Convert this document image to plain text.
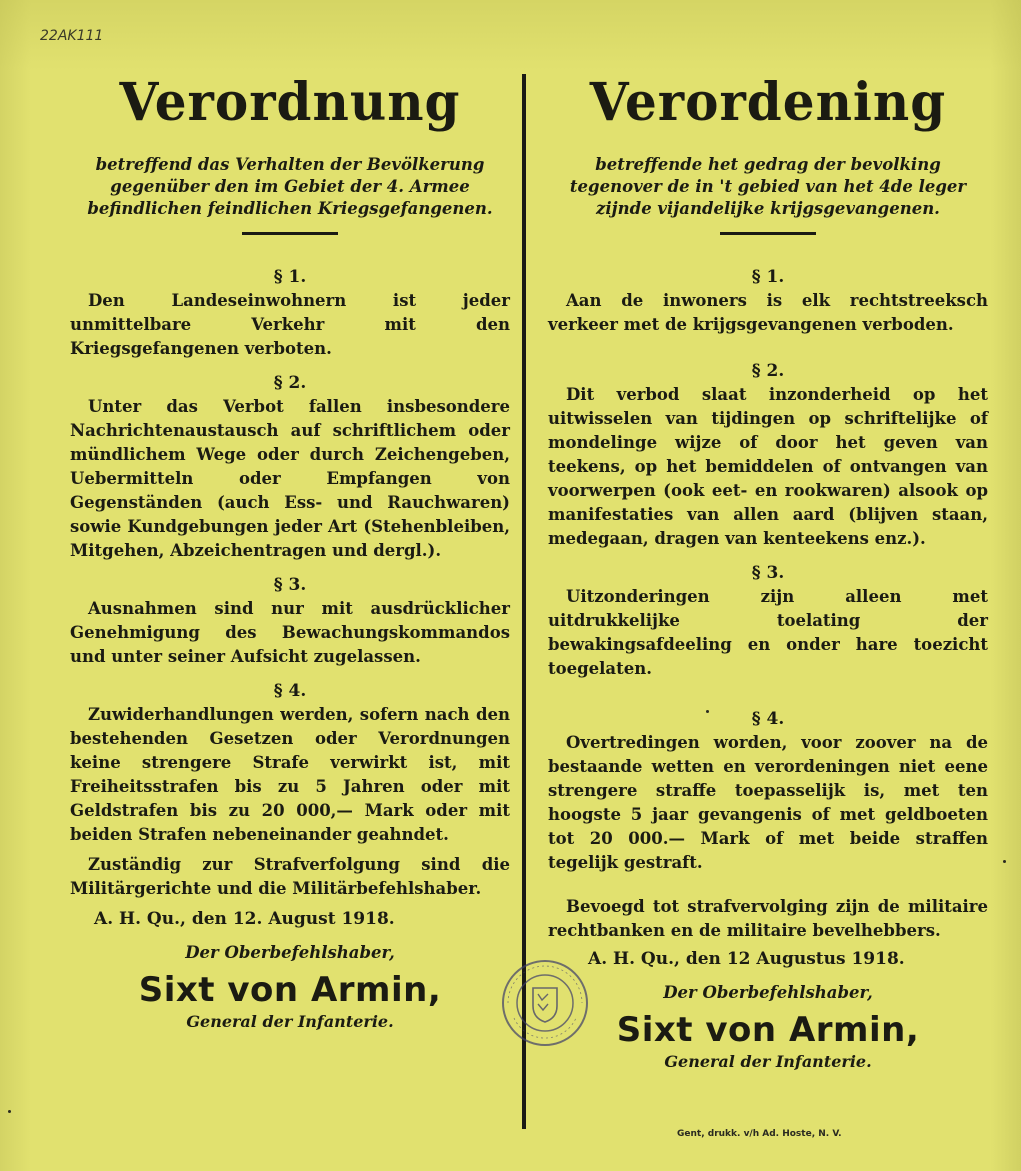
22AK111
Verordnung
betreffend das Verhalten der Bevölkerung gegenüber den im Gebiet der 4. Armee befindlichen feindlichen Kriegsgefangenen.
§ 1.

Den Landeseinwohnern ist jeder unmittelbare Verkehr mit den Kriegsgefangenen verboten.

§ 2.

Unter das Verbot fallen insbesondere Nachrichtenaustausch auf schriftlichem oder mündlichem Wege oder durch Zeichengeben, Uebermitteln oder Empfangen von Gegenständen (auch Ess- und Rauchwaren) sowie Kundgebungen jeder Art (Stehenbleiben, Mitgehen, Abzeichentragen und dergl.).

§ 3.

Ausnahmen sind nur mit ausdrücklicher Genehmigung des Bewachungskommandos und unter seiner Aufsicht zugelassen.

§ 4.

Zuwiderhandlungen werden, sofern nach den bestehenden Gesetzen oder Verordnungen keine strengere Strafe verwirkt ist, mit Freiheitsstrafen bis zu 5 Jahren oder mit Geldstrafen bis zu 20 000,— Mark oder mit beiden Strafen nebeneinander geahndet.

Zuständig zur Strafverfolgung sind die Militärgerichte und die Militärbefehlshaber.

A. H. Qu., den 12. August 1918.
Der Oberbefehlshaber,
Sixt von Armin,
General der Infanterie.
Verordening
betreffende het gedrag der bevolking tegenover de in 't gebied van het 4de leger zijnde vijandelijke krijgsgevangenen.
§ 1.

Aan de inwoners is elk rechtstreeksch verkeer met de krijgsgevangenen verboden.

§ 2.

Dit verbod slaat inzonderheid op het uitwisselen van tijdingen op schriftelijke of mondelinge wijze of door het geven van teekens, op het bemiddelen of ontvangen van voorwerpen (ook eet- en rookwaren) alsook op manifestaties van allen aard (blijven staan, medegaan, dragen van kenteekens enz.).

§ 3.

Uitzonderingen zijn alleen met uitdrukkelijke toelating der bewakingsafdeeling en onder hare toezicht toegelaten.

§ 4.

Overtredingen worden, voor zoover na de bestaande wetten en verordeningen niet eene strengere straffe toepasselijk is, met ten hoogste 5 jaar gevangenis of met geldboeten tot 20 000.— Mark of met beide straffen tegelijk gestraft.

Bevoegd tot strafvervolging zijn de militaire rechtbanken en de militaire bevelhebbers.

A. H. Qu., den 12 Augustus 1918.
Der Oberbefehlshaber,
Sixt von Armin,
General der Infanterie.
Gent, drukk. v/h Ad. Hoste, N. V.
